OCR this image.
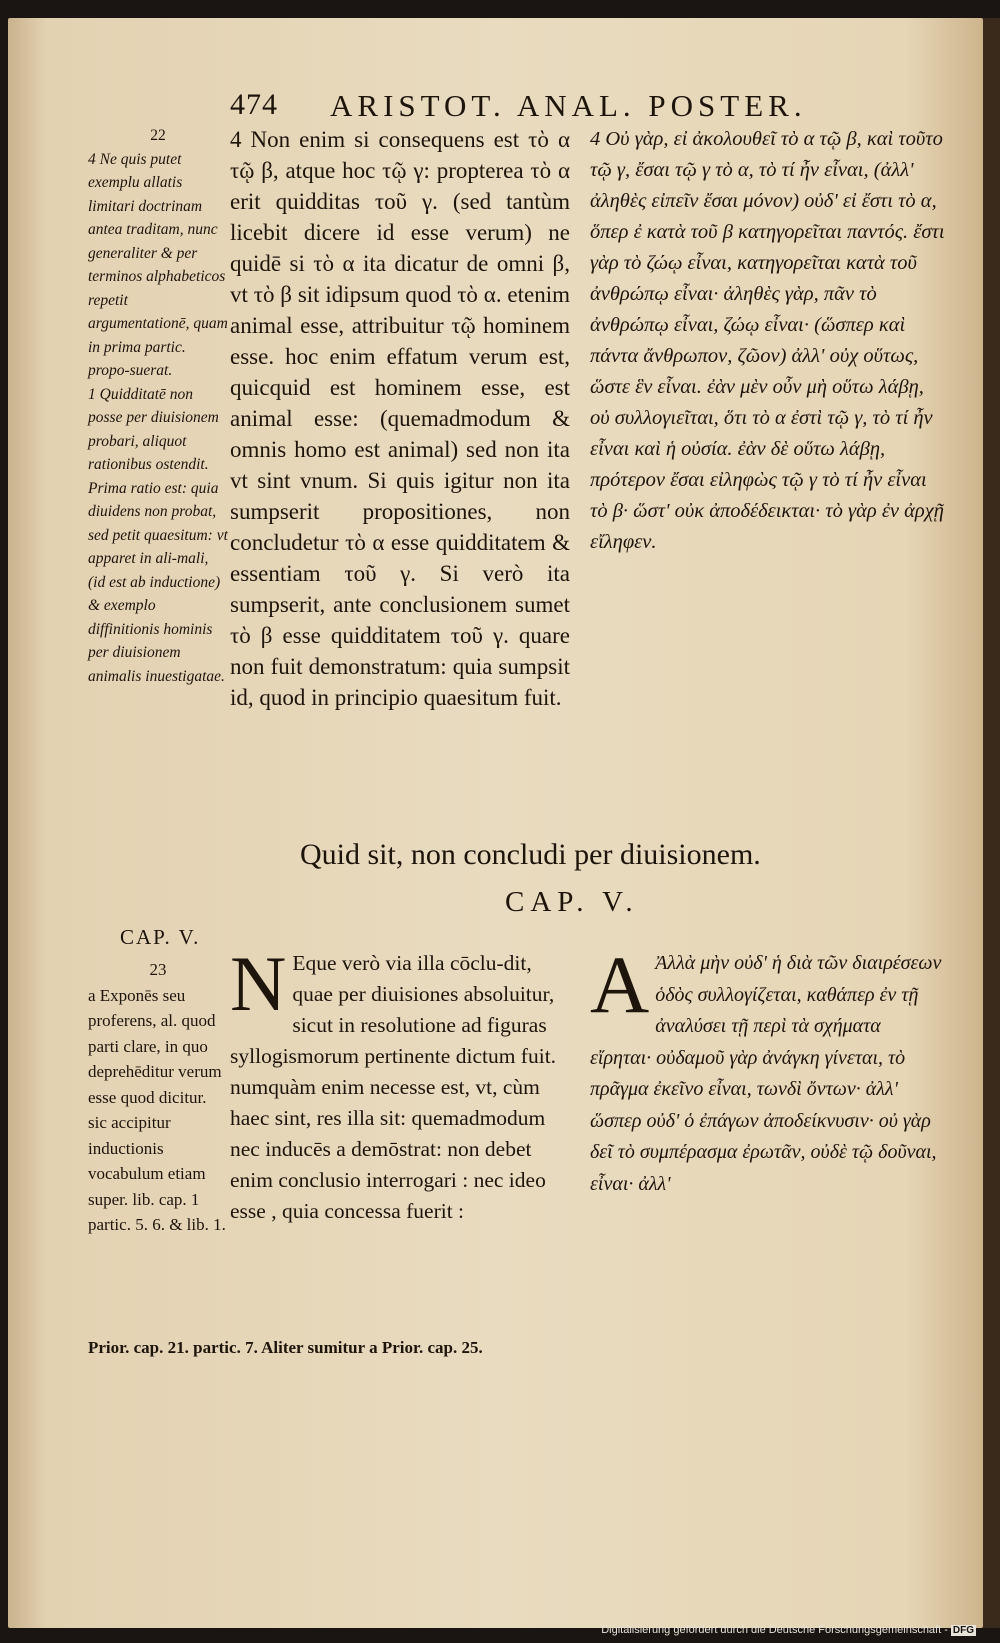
474 ARISTOT. ANAL. POSTER.

22

4 Ne quis putet exemplu allatis limitari doctrinam antea traditam, nunc generaliter & per terminos alphabeticos repetit argumentationē, quam in prima partic. propo-suerat.

1 Quidditatē non posse per diuisionem probari, aliquot rationibus ostendit. Prima ratio est: quia diuidens non probat, sed petit quaesitum: vt apparet in ali-mali, (id est ab inductione) & exemplo diffinitionis hominis per diuisionem animalis inuestigatae.

4 Non enim si consequens est τὸ α τῷ β, atque hoc τῷ γ: propterea τὸ α erit quidditas τοῦ γ. (sed tantùm licebit dicere id esse verum) ne quidē si τὸ α ita dicatur de omni β, vt τὸ β sit idipsum quod τὸ α. etenim animal esse, attribuitur τῷ hominem esse. hoc enim effatum verum est, quicquid est hominem esse, est animal esse: (quemadmodum & omnis homo est animal) sed non ita vt sint vnum. Si quis igitur non ita sumpserit propositiones, non concludetur τὸ α esse quidditatem & essentiam τοῦ γ. Si verò ita sumpserit, ante conclusionem sumet τὸ β esse quidditatem τοῦ γ. quare non fuit demonstratum: quia sumpsit id, quod in principio quaesitum fuit.

4 Οὐ γὰρ, εἰ ἀκολουθεῖ τὸ α τῷ β, καὶ τοῦτο τῷ γ, ἔσαι τῷ γ τὸ α, τὸ τί ἦν εἶναι, (ἀλλ' ἀληθὲς εἰπεῖν ἔσαι μόνον) οὐδ' εἰ ἔστι τὸ α, ὅπερ ἐ κατὰ τοῦ β κατηγορεῖται παντός. ἔστι γὰρ τὸ ζώῳ εἶναι, κατηγορεῖται κατὰ τοῦ ἀνθρώπῳ εἶναι· ἀληθὲς γὰρ, πᾶν τὸ ἀνθρώπῳ εἶναι, ζώῳ εἶναι· (ὥσπερ καὶ πάντα ἄνθρωπον, ζῶον) ἀλλ' οὐχ οὕτως, ὥστε ἓν εἶναι. ἐὰν μὲν οὖν μὴ οὕτω λάβῃ, οὐ συλλογιεῖται, ὅτι τὸ α ἐστὶ τῷ γ, τὸ τί ἦν εἶναι καὶ ἡ οὐσία. ἐὰν δὲ οὕτω λάβῃ, πρότερον ἔσαι εἰληφὼς τῷ γ τὸ τί ἦν εἶναι τὸ β· ὥστ' οὐκ ἀποδέδεικται· τὸ γὰρ ἐν ἀρχῇ εἴληφεν.

Quid sit, non concludi per diuisionem.
CAP. V.
CAP. V.

23

a Exponēs seu proferens, al. quod parti clare, in quo deprehēditur verum esse quod dicitur. sic accipitur inductionis vocabulum etiam super. lib. cap. 1 partic. 5. 6. & lib. 1.

N Eque verò via illa cōclu-dit, quae per diuisiones absoluitur, sicut in resolutione ad figuras syllogismorum pertinente dictum fuit. numquàm enim necesse est, vt, cùm haec sint, res illa sit: quemadmodum nec inducēs a demōstrat: non debet enim conclusio interrogari : nec ideo esse , quia concessa fuerit :

Α Ἀλλὰ μὴν οὐδ' ἡ διὰ τῶν διαιρέσεων ὁδὸς συλλογίζεται, καθάπερ ἐν τῇ ἀναλύσει τῇ περὶ τὰ σχήματα εἴρηται· οὐδαμοῦ γὰρ ἀνάγκη γίνεται, τὸ πρᾶγμα ἐκεῖνο εἶναι, τωνδὶ ὄντων· ἀλλ' ὥσπερ οὐδ' ὁ ἐπάγων ἀποδείκνυσιν· οὐ γὰρ δεῖ τὸ συμπέρασμα ἐρωτᾶν, οὐδὲ τῷ δοῦναι, εἶναι· ἀλλ'

Prior. cap. 21. partic. 7. Aliter sumitur a Prior. cap. 25.
Digitalisierung gefördert durch die Deutsche Forschungsgemeinschaft - DFG
